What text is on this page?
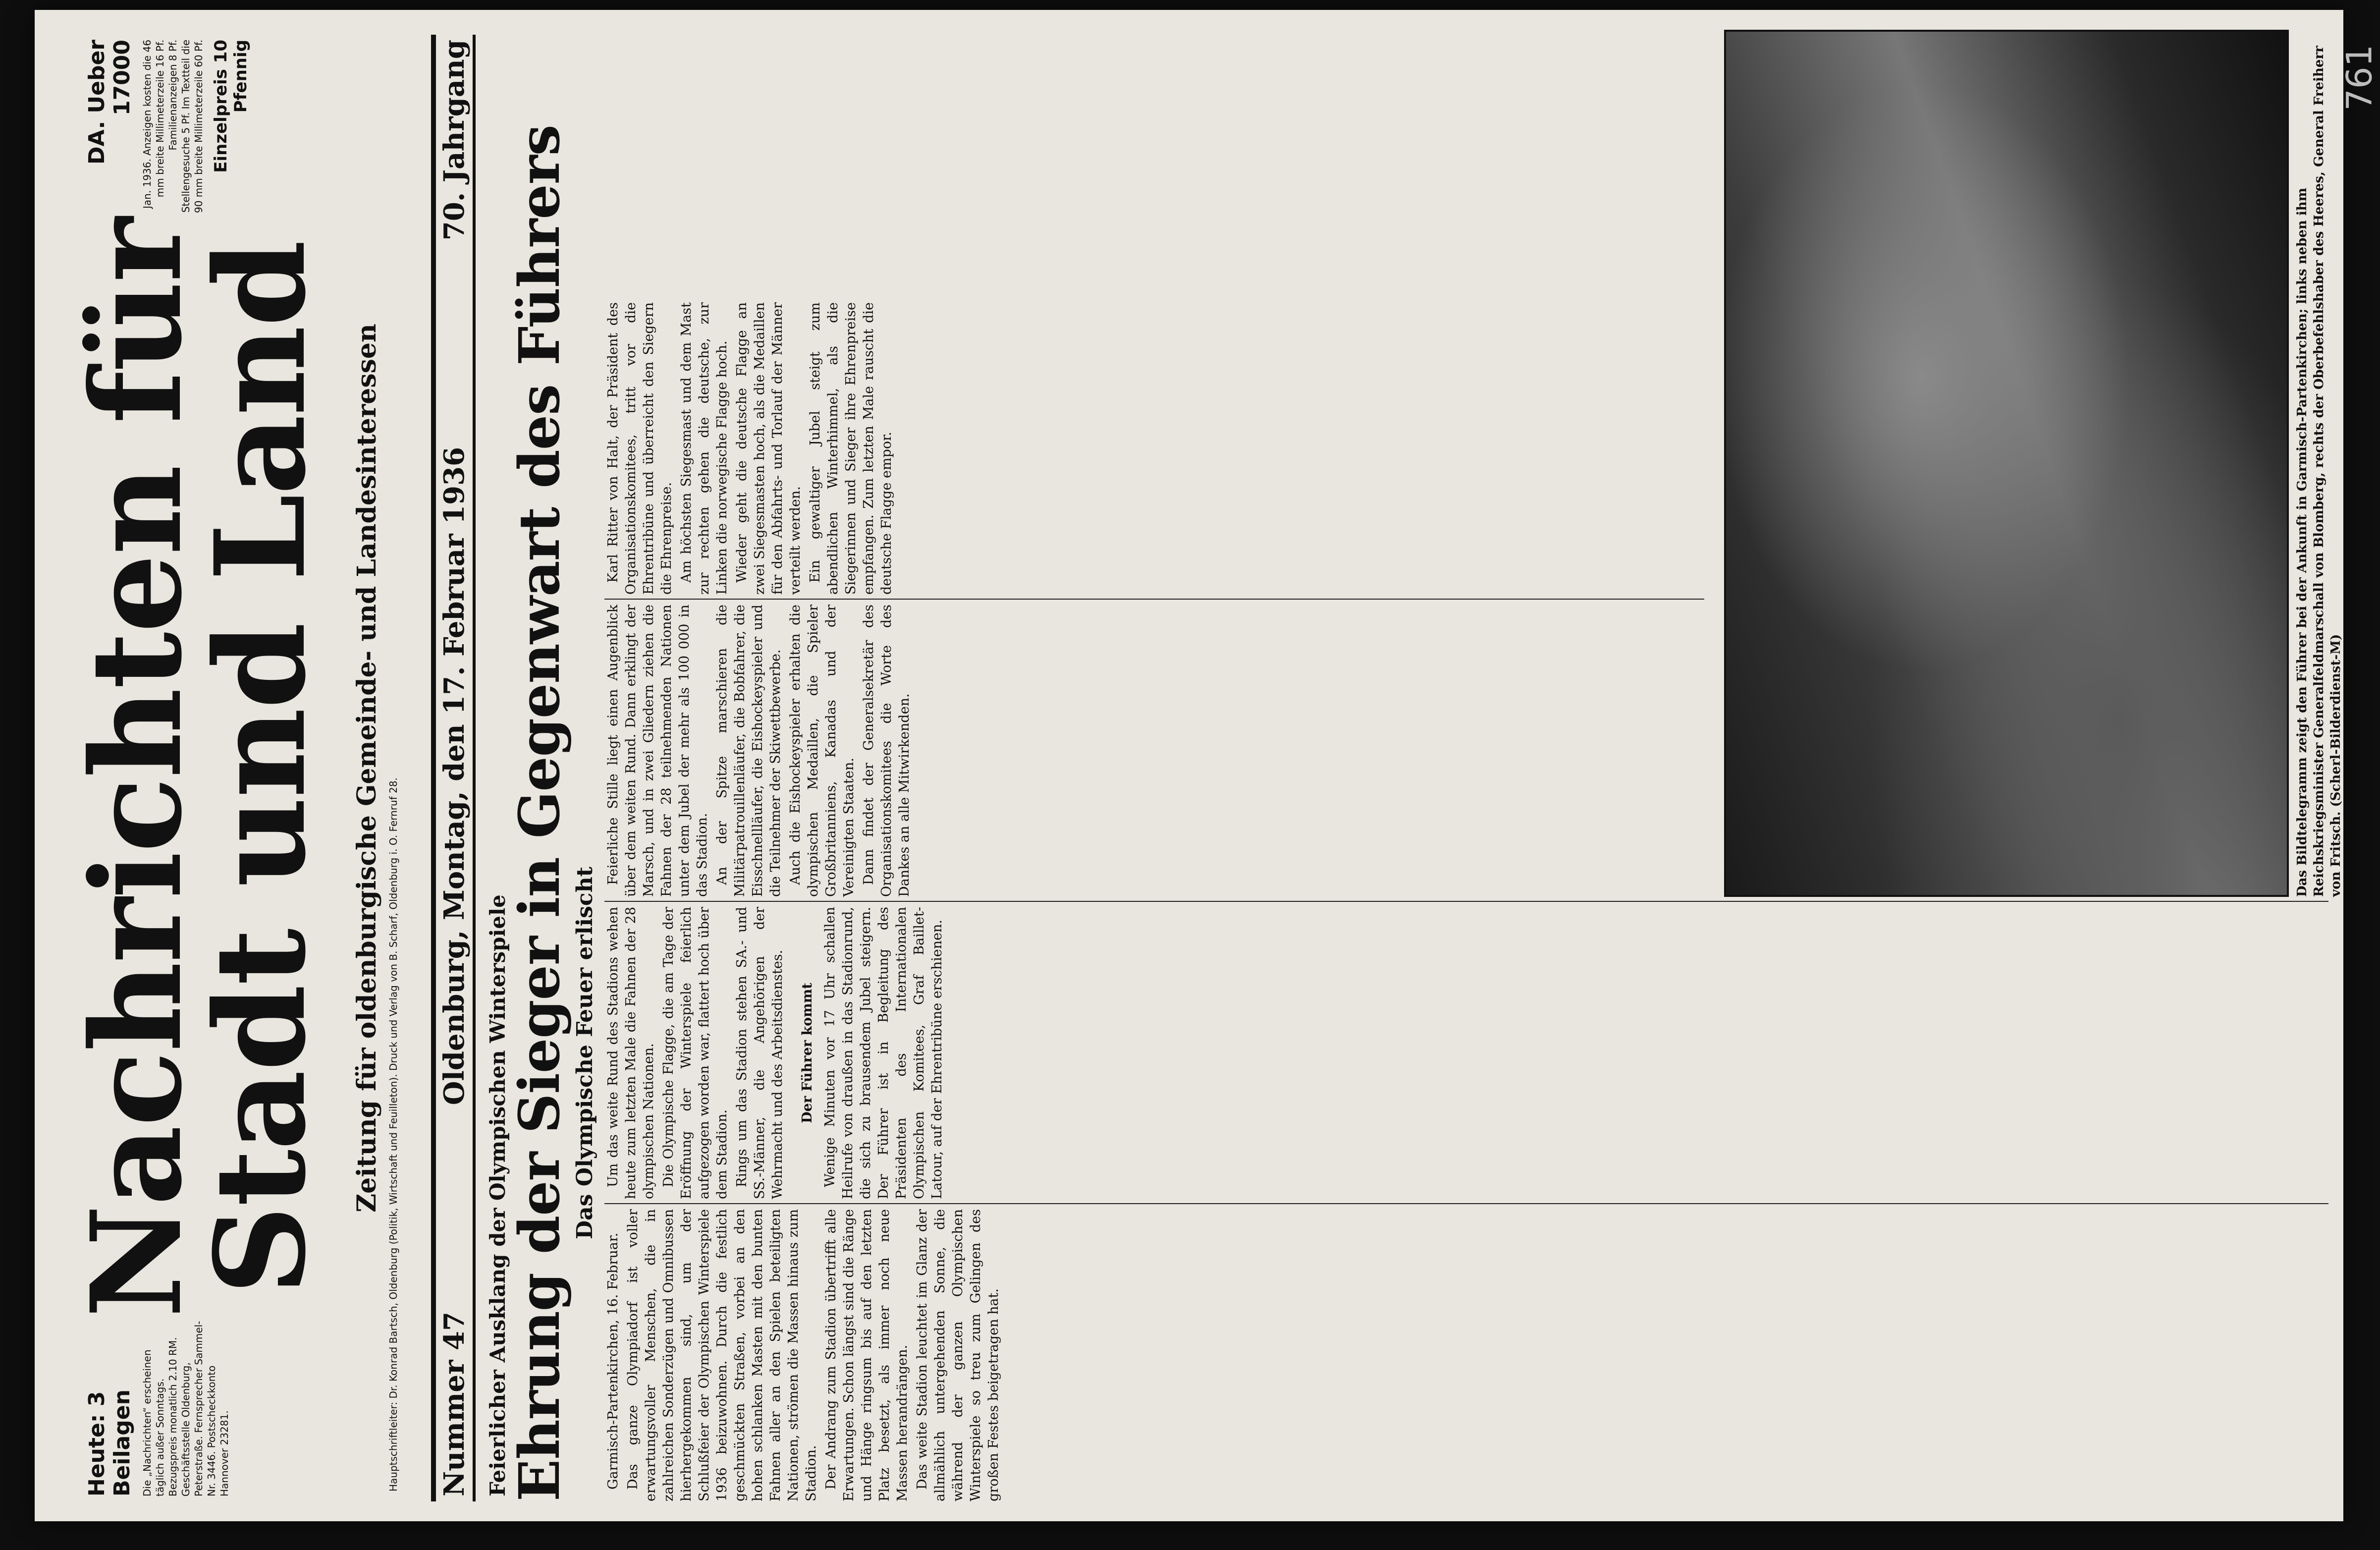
761
Heute: 3 Beilagen Die „Nachrichten“ erscheinen täglich außer Sonntags. Bezugspreis monatlich 2.10 RM. Geschäftsstelle Oldenburg, Peterstraße. Fernsprecher Sammel-Nr. 3446. Postscheckkonto Hannover 23281.
Nachrichten für Stadt und Land
DA. Ueber 17000 Jan. 1936. Anzeigen kosten die 46 mm breite Millimeterzeile 16 Pf. Familienanzeigen 8 Pf. Stellengesuche 5 Pf. Im Textteil die 90 mm breite Millimeterzeile 60 Pf. Einzelpreis 10 Pfennig
Zeitung für oldenburgische Gemeinde- und Landesinteressen Hauptschriftleiter: Dr. Konrad Bartsch, Oldenburg (Politik, Wirtschaft und Feuilleton). Druck und Verlag von B. Scharf, Oldenburg i. O. Fernruf 28. Nummer 47
Oldenburg, Montag, den 17. Februar 1936
70. Jahrgang
Feierlicher Ausklang der Olympischen Winterspiele
Ehrung der Sieger in Gegenwart des Führers Das Olympische Feuer erlischt

Garmisch-Partenkirchen, 16. Februar. Das ganze Olympiadorf ist voller erwartungsvoller Menschen, die in zahlreichen Sonderzügen und Omnibussen hierhergekommen sind, um der Schlußfeier der Olympischen Winterspiele 1936 beizuwohnen. Durch die festlich geschmückten Straßen, vorbei an den hohen schlanken Masten mit den bunten Fahnen aller an den Spielen beteiligten Nationen, strömen die Massen hinaus zum Stadion. Der Andrang zum Stadion übertrifft alle Erwartungen. Schon längst sind die Ränge und Hänge ringsum bis auf den letzten Platz besetzt, als immer noch neue Massen herandrängen. Das weite Stadion leuchtet im Glanz der allmählich untergehenden Sonne, die während der ganzen Olympischen Winterspiele so treu zum Gelingen des großen Festes beigetragen hat.

Um das weite Rund des Stadions wehen heute zum letzten Male die Fahnen der 28 olympischen Nationen. Die Olympische Flagge, die am Tage der Eröffnung der Winterspiele feierlich aufgezogen worden war, flattert hoch über dem Stadion. Rings um das Stadion stehen SA.- und SS.-Männer, die Angehörigen der Wehrmacht und des Arbeitsdienstes. Der Führer kommt Wenige Minuten vor 17 Uhr schallen Heilrufe von draußen in das Stadionrund, die sich zu brausendem Jubel steigern. Der Führer ist in Begleitung des Präsidenten des Internationalen Olympischen Komitees, Graf Baillet-Latour, auf der Ehrentribüne erschienen.

Feierliche Stille liegt einen Augenblick über dem weiten Rund. Dann erklingt der Marsch, und in zwei Gliedern ziehen die Fahnen der 28 teilnehmenden Nationen unter dem Jubel der mehr als 100 000 in das Stadion. An der Spitze marschieren die Militärpatrouillenläufer, die Bobfahrer, die Eisschnellläufer, die Eishockeyspieler und die Teilnehmer der Skiwettbewerbe. Auch die Eishockeyspieler erhalten die olympischen Medaillen, die Spieler Großbritanniens, Kanadas und der Vereinigten Staaten. Dann findet der Generalsekretär des Organisationskomitees die Worte des Dankes an alle Mitwirkenden.

Karl Ritter von Halt, der Präsident des Organisationskomitees, tritt vor die Ehrentribüne und überreicht den Siegern die Ehrenpreise. Am höchsten Siegesmast und dem Mast zur rechten gehen die deutsche, zur Linken die norwegische Flagge hoch. Wieder geht die deutsche Flagge an zwei Siegesmasten hoch, als die Medaillen für den Abfahrts- und Torlauf der Männer verteilt werden. Ein gewaltiger Jubel steigt zum abendlichen Winterhimmel, als die Siegerinnen und Sieger ihre Ehrenpreise empfangen. Zum letzten Male rauscht die deutsche Flagge empor.	Das Bildtelegramm zeigt den Führer bei der Ankunft in Garmisch-Partenkirchen; links neben ihm Reichskriegsminister Generalfeldmarschall von Blomberg, rechts der Oberbefehlshaber des Heeres, General Freiherr von Fritsch. (Scherl-Bilderdienst-M)
